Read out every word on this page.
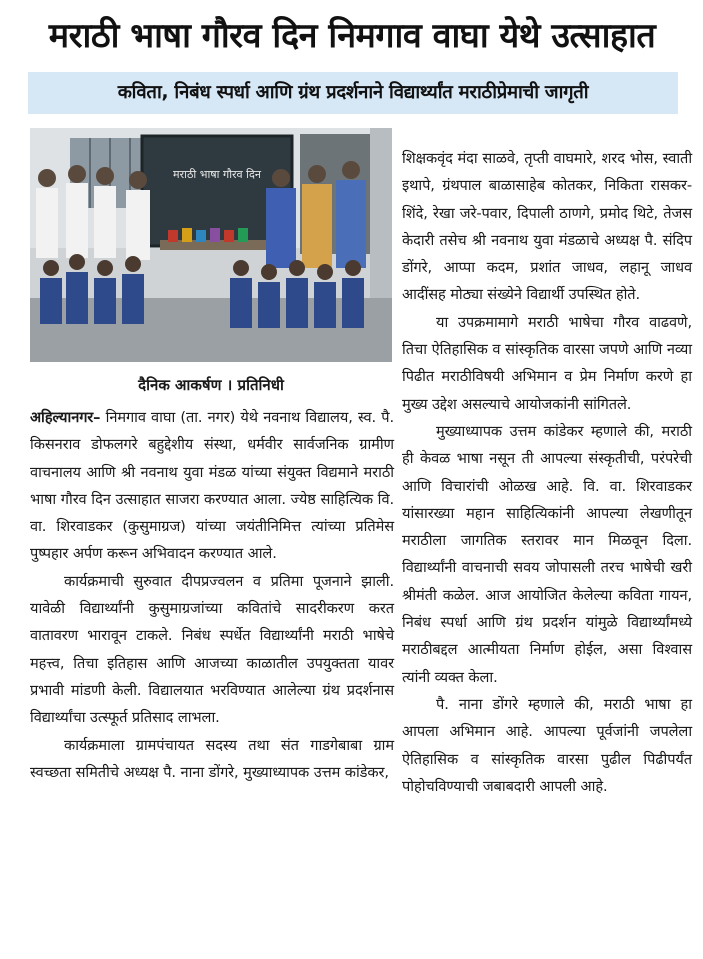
मराठी भाषा गौरव दिन निमगाव वाघा येथे उत्साहात
कविता, निबंध स्पर्धा आणि ग्रंथ प्रदर्शनाने विद्यार्थ्यांत मराठीप्रेमाची जागृती
मराठी भाषा गौरव दिन
दैनिक आकर्षण । प्रतिनिधी

अहिल्यानगर– निमगाव वाघा (ता. नगर) येथे नवनाथ विद्यालय, स्व. पै. किसनराव डोफलगरे बहुद्देशीय संस्था, धर्मवीर सार्वजनिक ग्रामीण वाचनालय आणि श्री नवनाथ युवा मंडळ यांच्या संयुक्त विद्यमाने मराठी भाषा गौरव दिन उत्साहात साजरा करण्यात आला. ज्येष्ठ साहित्यिक वि. वा. शिरवाडकर (कुसुमाग्रज) यांच्या जयंतीनिमित्त त्यांच्या प्रतिमेस पुष्पहार अर्पण करून अभिवादन करण्यात आले.

कार्यक्रमाची सुरुवात दीपप्रज्वलन व प्रतिमा पूजनाने झाली. यावेळी विद्यार्थ्यांनी कुसुमाग्रजांच्या कवितांचे सादरीकरण करत वातावरण भारावून टाकले. निबंध स्पर्धेत विद्यार्थ्यांनी मराठी भाषेचे महत्त्व, तिचा इतिहास आणि आजच्या काळातील उपयुक्तता यावर प्रभावी मांडणी केली. विद्यालयात भरविण्यात आलेल्या ग्रंथ प्रदर्शनास विद्यार्थ्यांचा उत्स्फूर्त प्रतिसाद लाभला.

कार्यक्रमाला ग्रामपंचायत सदस्य तथा संत गाडगेबाबा ग्राम स्वच्छता समितीचे अध्यक्ष पै. नाना डोंगरे, मुख्याध्यापक उत्तम कांडेकर,

शिक्षकवृंद मंदा साळवे, तृप्ती वाघमारे, शरद भोस, स्वाती इथापे, ग्रंथपाल बाळासाहेब कोतकर, निकिता रासकर-शिंदे, रेखा जरे-पवार, दिपाली ठाणगे, प्रमोद थिटे, तेजस केदारी तसेच श्री नवनाथ युवा मंडळाचे अध्यक्ष पै. संदिप डोंगरे, आप्पा कदम, प्रशांत जाधव, लहानू जाधव आदींसह मोठ्या संख्येने विद्यार्थी उपस्थित होते.

या उपक्रमामागे मराठी भाषेचा गौरव वाढवणे, तिचा ऐतिहासिक व सांस्कृतिक वारसा जपणे आणि नव्या पिढीत मराठीविषयी अभिमान व प्रेम निर्माण करणे हा मुख्य उद्देश असल्याचे आयोजकांनी सांगितले.

मुख्याध्यापक उत्तम कांडेकर म्हणाले की, मराठी ही केवळ भाषा नसून ती आपल्या संस्कृतीची, परंपरेची आणि विचारांची ओळख आहे. वि. वा. शिरवाडकर यांसारख्या महान साहित्यिकांनी आपल्या लेखणीतून मराठीला जागतिक स्तरावर मान मिळवून दिला. विद्यार्थ्यांनी वाचनाची सवय जोपासली तरच भाषेची खरी श्रीमंती कळेल. आज आयोजित केलेल्या कविता गायन, निबंध स्पर्धा आणि ग्रंथ प्रदर्शन यांमुळे विद्यार्थ्यांमध्ये मराठीबद्दल आत्मीयता निर्माण होईल, असा विश्वास त्यांनी व्यक्त केला.

पै. नाना डोंगरे म्हणाले की, मराठी भाषा हा आपला अभिमान आहे. आपल्या पूर्वजांनी जपलेला ऐतिहासिक व सांस्कृतिक वारसा पुढील पिढीपर्यंत पोहोचविण्याची जबाबदारी आपली आहे.
